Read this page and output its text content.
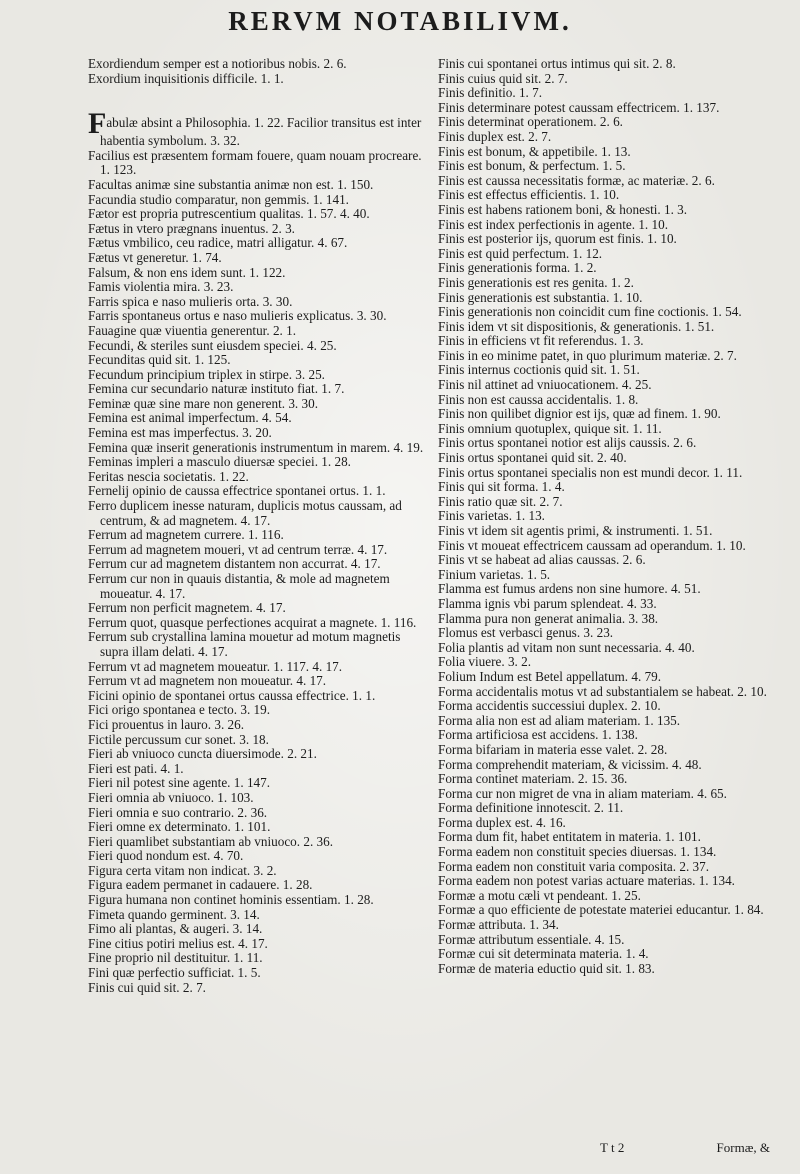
RERVM NOTABILIVM.
Exordiendum semper est a notioribus nobis. 2. 6.
Exordium inquisitionis difficile. 1. 1.
Fabulæ absint a Philosophia. 1. 22. Facilior transitus est inter habentia symbolum. 3. 32.
Facilius est præsentem formam fouere, quam nouam procreare. 1. 123.
Facultas animæ sine substantia animæ non est. 1. 150.
Facundia studio comparatur, non gemmis. 1. 141.
Fætor est propria putrescentium qualitas. 1. 57. 4. 40.
Fætus in vtero prægnans inuentus. 2. 3.
Fætus vmbilico, ceu radice, matri alligatur. 4. 67.
Fætus vt generetur. 1. 74.
Falsum, & non ens idem sunt. 1. 122.
Famis violentia mira. 3. 23.
Farris spica e naso mulieris orta. 3. 30.
Farris spontaneus ortus e naso mulieris explicatus. 3. 30.
Fauagine quæ viuentia generentur. 2. 1.
Fecundi, & steriles sunt eiusdem speciei. 4. 25.
Fecunditas quid sit. 1. 125.
Fecundum principium triplex in stirpe. 3. 25.
Femina cur secundario naturæ instituto fiat. 1. 7.
Feminæ quæ sine mare non generent. 3. 30.
Femina est animal imperfectum. 4. 54.
Femina est mas imperfectus. 3. 20.
Femina quæ inserit generationis instrumentum in marem. 4. 19.
Feminas impleri a masculo diuersæ speciei. 1. 28.
Feritas nescia societatis. 1. 22.
Fernelij opinio de caussa effectrice spontanei ortus. 1. 1.
Ferro duplicem inesse naturam, duplicis motus caussam, ad centrum, & ad magnetem. 4. 17.
Ferrum ad magnetem currere. 1. 116.
Ferrum ad magnetem moueri, vt ad centrum terræ. 4. 17.
Ferrum cur ad magnetem distantem non accurrat. 4. 17.
Ferrum cur non in quauis distantia, & mole ad magnetem moueatur. 4. 17.
Ferrum non perficit magnetem. 4. 17.
Ferrum quot, quasque perfectiones acquirat a magnete. 1. 116.
Ferrum sub crystallina lamina mouetur ad motum magnetis supra illam delati. 4. 17.
Ferrum vt ad magnetem moueatur. 1. 117. 4. 17.
Ferrum vt ad magnetem non moueatur. 4. 17.
Ficini opinio de spontanei ortus caussa effectrice. 1. 1.
Fici origo spontanea e tecto. 3. 19.
Fici prouentus in lauro. 3. 26.
Fictile percussum cur sonet. 3. 18.
Fieri ab vniuoco cuncta diuersimode. 2. 21.
Fieri est pati. 4. 1.
Fieri nil potest sine agente. 1. 147.
Fieri omnia ab vniuoco. 1. 103.
Fieri omnia e suo contrario. 2. 36.
Fieri omne ex determinato. 1. 101.
Fieri quamlibet substantiam ab vniuoco. 2. 36.
Fieri quod nondum est. 4. 70.
Figura certa vitam non indicat. 3. 2.
Figura eadem permanet in cadauere. 1. 28.
Figura humana non continet hominis essentiam. 1. 28.
Fimeta quando germinent. 3. 14.
Fimo ali plantas, & augeri. 3. 14.
Fine citius potiri melius est. 4. 17.
Fine proprio nil destituitur. 1. 11.
Fini quæ perfectio sufficiat. 1. 5.
Finis cui quid sit. 2. 7.
Finis cui spontanei ortus intimus qui sit. 2. 8.
Finis cuius quid sit. 2. 7.
Finis definitio. 1. 7.
Finis determinare potest caussam effectricem. 1. 137.
Finis determinat operationem. 2. 6.
Finis duplex est. 2. 7.
Finis est bonum, & appetibile. 1. 13.
Finis est bonum, & perfectum. 1. 5.
Finis est caussa necessitatis formæ, ac materiæ. 2. 6.
Finis est effectus efficientis. 1. 10.
Finis est habens rationem boni, & honesti. 1. 3.
Finis est index perfectionis in agente. 1. 10.
Finis est posterior ijs, quorum est finis. 1. 10.
Finis est quid perfectum. 1. 12.
Finis generationis forma. 1. 2.
Finis generationis est res genita. 1. 2.
Finis generationis est substantia. 1. 10.
Finis generationis non coincidit cum fine coctionis. 1. 54.
Finis idem vt sit dispositionis, & generationis. 1. 51.
Finis in efficiens vt fit referendus. 1. 3.
Finis in eo minime patet, in quo plurimum materiæ. 2. 7.
Finis internus coctionis quid sit. 1. 51.
Finis nil attinet ad vniuocationem. 4. 25.
Finis non est caussa accidentalis. 1. 8.
Finis non quilibet dignior est ijs, quæ ad finem. 1. 90.
Finis omnium quotuplex, quique sit. 1. 11.
Finis ortus spontanei notior est alijs caussis. 2. 6.
Finis ortus spontanei quid sit. 2. 40.
Finis ortus spontanei specialis non est mundi decor. 1. 11.
Finis qui sit forma. 1. 4.
Finis ratio quæ sit. 2. 7.
Finis varietas. 1. 13.
Finis vt idem sit agentis primi, & instrumenti. 1. 51.
Finis vt moueat effectricem caussam ad operandum. 1. 10.
Finis vt se habeat ad alias caussas. 2. 6.
Finium varietas. 1. 5.
Flamma est fumus ardens non sine humore. 4. 51.
Flamma ignis vbi parum splendeat. 4. 33.
Flamma pura non generat animalia. 3. 38.
Flomus est verbasci genus. 3. 23.
Folia plantis ad vitam non sunt necessaria. 4. 40.
Folia viuere. 3. 2.
Folium Indum est Betel appellatum. 4. 79.
Forma accidentalis motus vt ad substantialem se habeat. 2. 10.
Forma accidentis successiui duplex. 2. 10.
Forma alia non est ad aliam materiam. 1. 135.
Forma artificiosa est accidens. 1. 138.
Forma bifariam in materia esse valet. 2. 28.
Forma comprehendit materiam, & vicissim. 4. 48.
Forma continet materiam. 2. 15. 36.
Forma cur non migret de vna in aliam materiam. 4. 65.
Forma definitione innotescit. 2. 11.
Forma duplex est. 4. 16.
Forma dum fit, habet entitatem in materia. 1. 101.
Forma eadem non constituit species diuersas. 1. 134.
Forma eadem non constituit varia composita. 2. 37.
Forma eadem non potest varias actuare materias. 1. 134.
Formæ a motu cæli vt pendeant. 1. 25.
Formæ a quo efficiente de potestate materiei educantur. 1. 84.
Formæ attributa. 1. 34.
Formæ attributum essentiale. 4. 15.
Formæ cui sit determinata materia. 1. 4.
Formæ de materia eductio quid sit. 1. 83.
T t 2	Formæ, &
